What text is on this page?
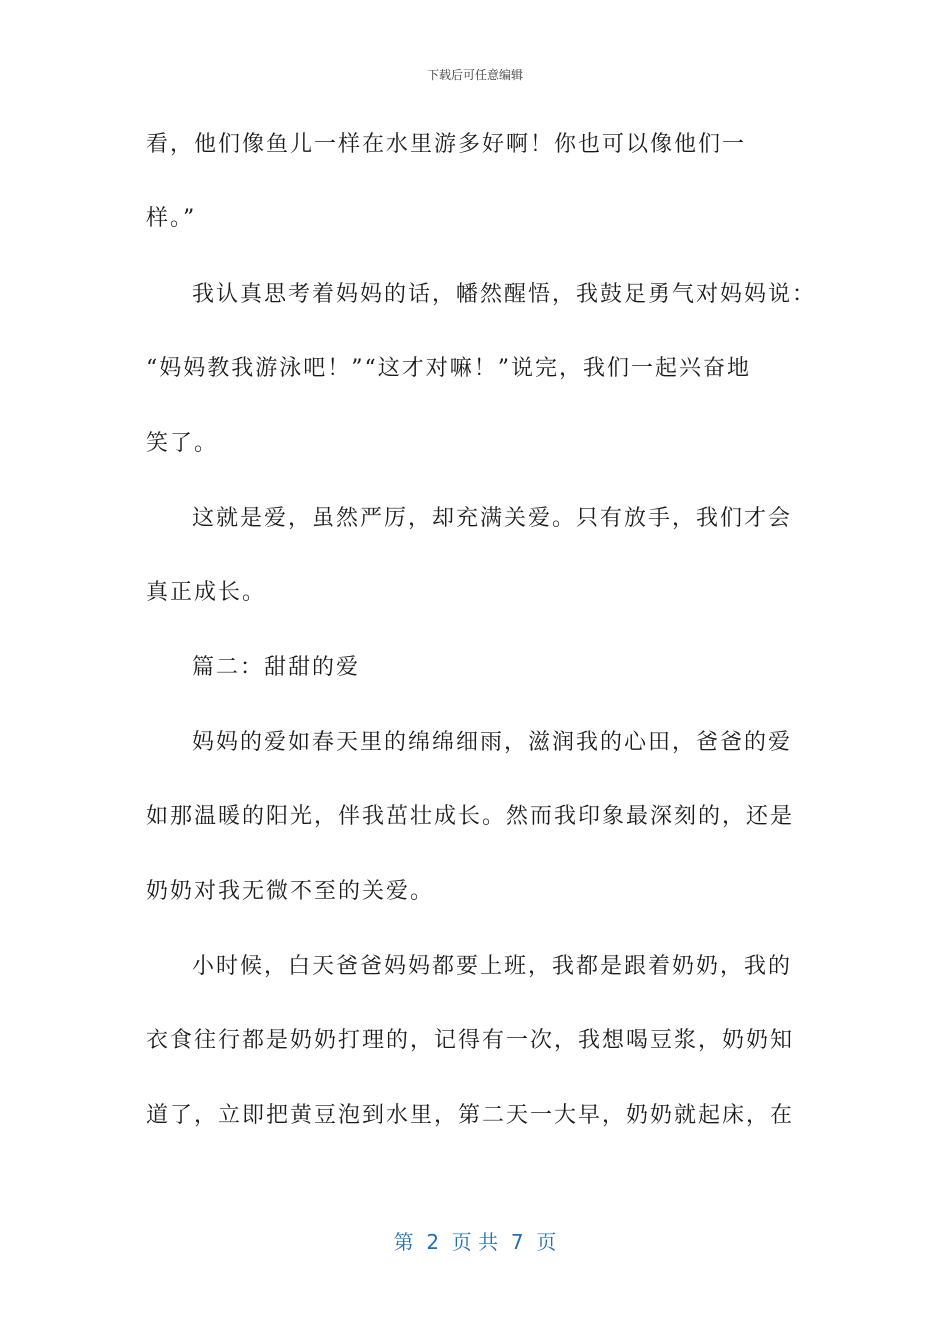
下载后可任意编辑
看，他们像鱼儿一样在水里游多好啊！你也可以像他们一
样。”
我认真思考着妈妈的话，幡然醒悟，我鼓足勇气对妈妈说：
“妈妈教我游泳吧！”“这才对嘛！”说完，我们一起兴奋地
笑了。
这就是爱，虽然严厉，却充满关爱。只有放手，我们才会
真正成长。
篇二：甜甜的爱
妈妈的爱如春天里的绵绵细雨，滋润我的心田，爸爸的爱
如那温暖的阳光，伴我茁壮成长。然而我印象最深刻的，还是
奶奶对我无微不至的关爱。
小时候，白天爸爸妈妈都要上班，我都是跟着奶奶，我的
衣食往行都是奶奶打理的，记得有一次，我想喝豆浆，奶奶知
道了，立即把黄豆泡到水里，第二天一大早，奶奶就起床，在
第  2  页 共  7  页
